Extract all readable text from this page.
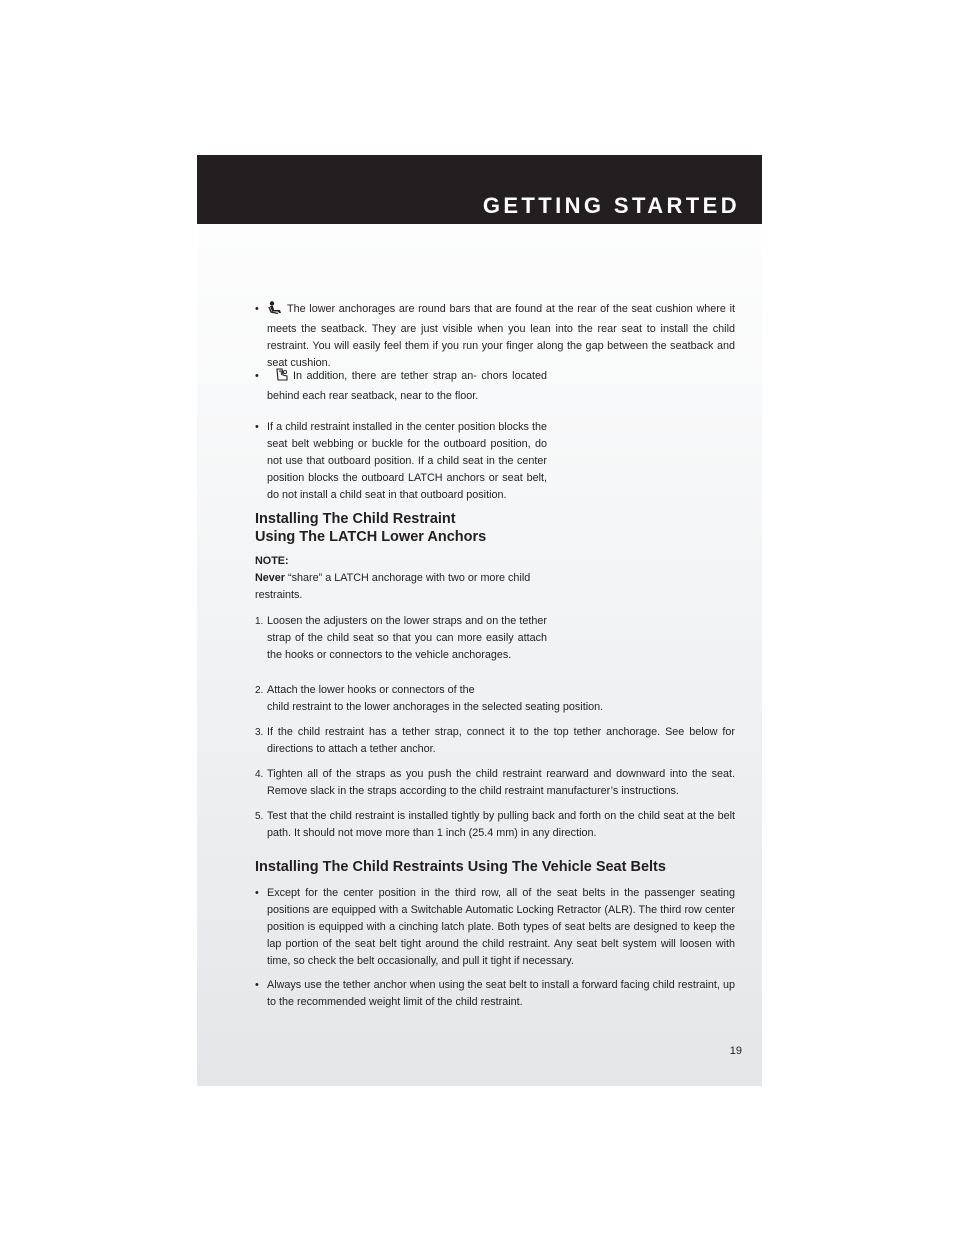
GETTING STARTED
•	The lower anchorages are round bars that are found at the rear of the seat cushion where it meets the seatback. They are just visible when you lean into the rear seat to install the child restraint. You will easily feel them if you run your finger along the gap between the seatback and seat cushion.

•	In addition, there are tether strap an- chors located behind each rear seatback, near to the floor.

• If a child restraint installed in the center position blocks the seat belt webbing or buckle for the outboard position, do not use that outboard position. If a child seat in the center position blocks the outboard LATCH anchors or seat belt, do not install a child seat in that outboard position.

Installing The Child Restraint
Using The LATCH Lower Anchors
NOTE:

Never “share” a LATCH anchorage with two or more child restraints.

1. Loosen the adjusters on the lower straps and on the tether strap of the child seat so that you can more easily attach the hooks or connectors to the vehicle anchorages.

2. Attach the lower hooks or connectors of the
child restraint to the lower anchorages in the selected seating position.

3. If the child restraint has a tether strap, connect it to the top tether anchorage. See below for directions to attach a tether anchor.

4. Tighten all of the straps as you push the child restraint rearward and downward into the seat. Remove slack in the straps according to the child restraint manufacturer’s instructions.

5. Test that the child restraint is installed tightly by pulling back and forth on the child seat at the belt path. It should not move more than 1 inch (25.4 mm) in any direction.

Installing The Child Restraints Using The Vehicle Seat Belts
• Except for the center position in the third row, all of the seat belts in the passenger seating positions are equipped with a Switchable Automatic Locking Retractor (ALR). The third row center position is equipped with a cinching latch plate. Both types of seat belts are designed to keep the lap portion of the seat belt tight around the child restraint. Any seat belt system will loosen with time, so check the belt occasionally, and pull it tight if necessary.

• Always use the tether anchor when using the seat belt to install a forward facing child restraint, up to the recommended weight limit of the child restraint.

19
